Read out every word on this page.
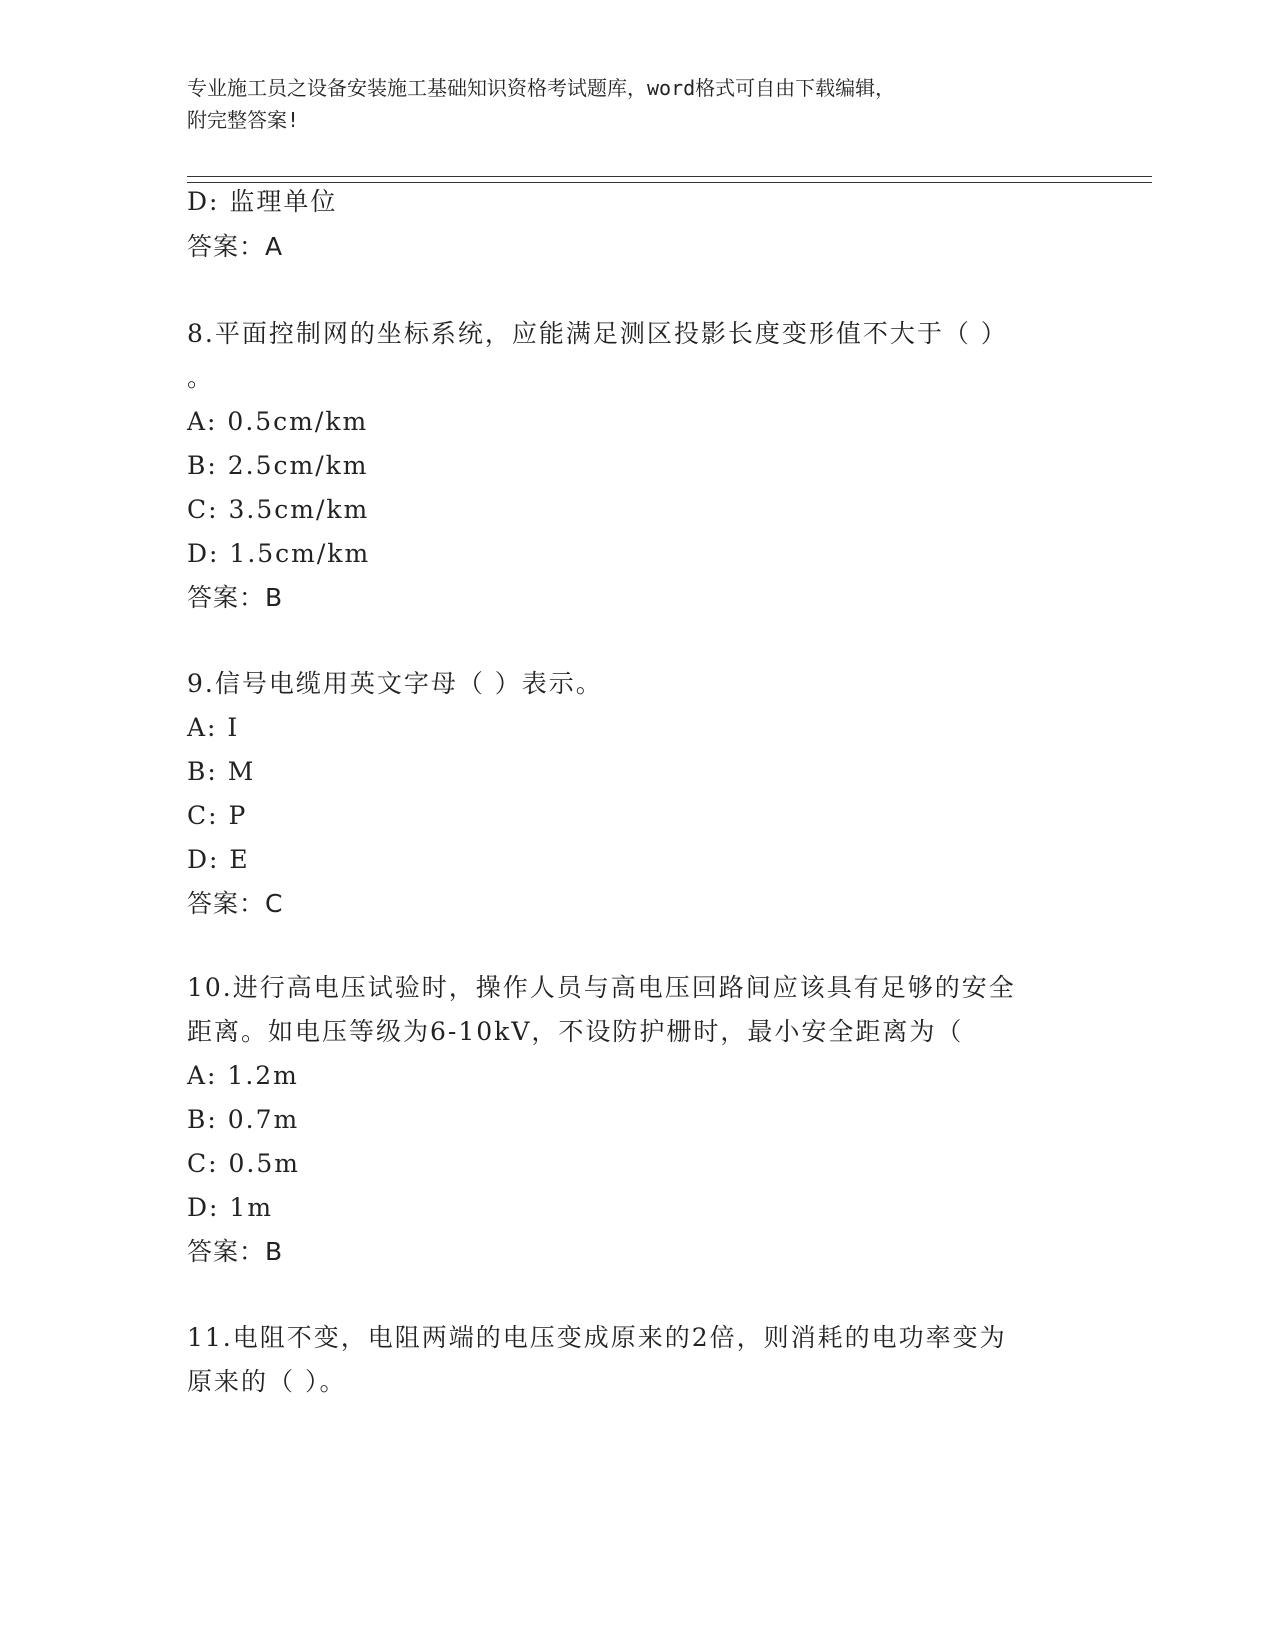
专业施工员之设备安装施工基础知识资格考试题库，word格式可自由下载编辑，
附完整答案!
D: 监理单位
答案：A
8.平面控制网的坐标系统，应能满足测区投影长度变形值不大于（ ）
。
A: 0.5cm/km
B: 2.5cm/km
C: 3.5cm/km
D: 1.5cm/km
答案：B
9.信号电缆用英文字母（ ）表示。
A: I
B: M
C: P
D: E
答案：C
10.进行高电压试验时，操作人员与高电压回路间应该具有足够的安全
距离。如电压等级为6-10kV，不设防护栅时，最小安全距离为（
A: 1.2m
B: 0.7m
C: 0.5m
D: 1m
答案：B
11.电阻不变，电阻两端的电压变成原来的2倍，则消耗的电功率变为
原来的（ ）。
